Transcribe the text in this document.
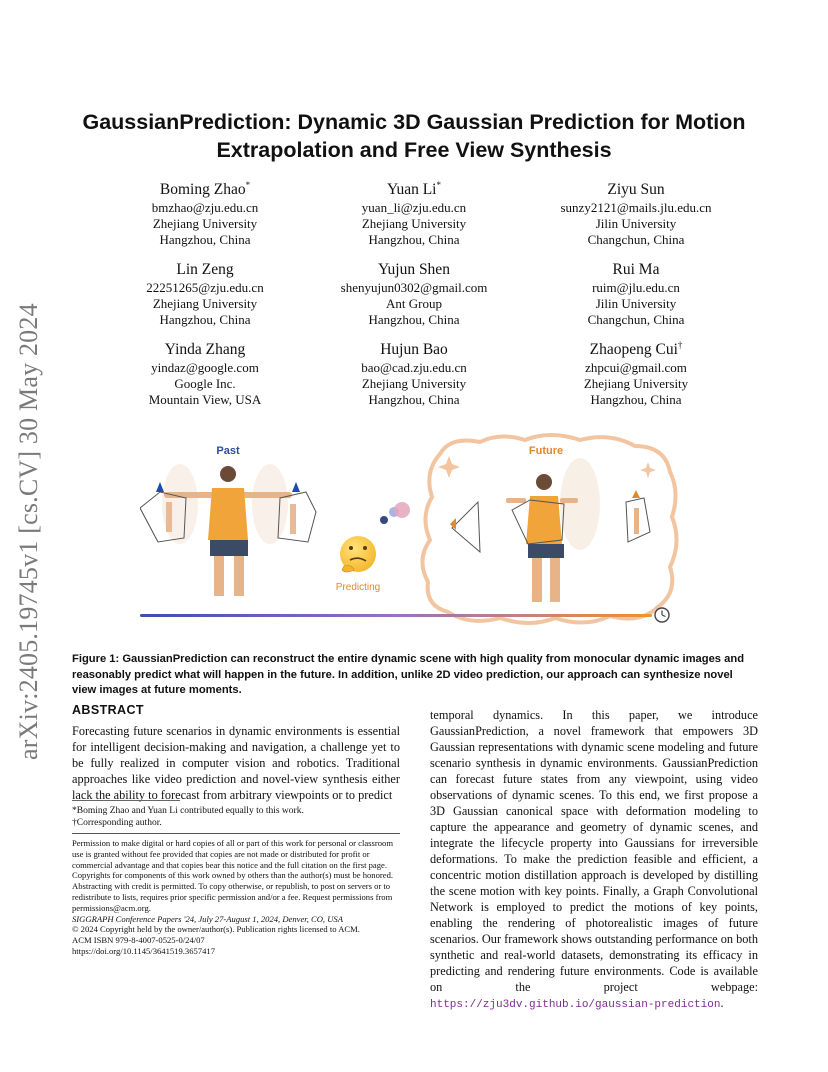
arXiv:2405.19745v1 [cs.CV] 30 May 2024
GaussianPrediction: Dynamic 3D Gaussian Prediction for Motion Extrapolation and Free View Synthesis
Boming Zhao*
bmzhao@zju.edu.cn
Zhejiang University
Hangzhou, China
Yuan Li*
yuan_li@zju.edu.cn
Zhejiang University
Hangzhou, China
Ziyu Sun
sunzy2121@mails.jlu.edu.cn
Jilin University
Changchun, China
Lin Zeng
22251265@zju.edu.cn
Zhejiang University
Hangzhou, China
Yujun Shen
shenyujun0302@gmail.com
Ant Group
Hangzhou, China
Rui Ma
ruim@jlu.edu.cn
Jilin University
Changchun, China
Yinda Zhang
yindaz@google.com
Google Inc.
Mountain View, USA
Hujun Bao
bao@cad.zju.edu.cn
Zhejiang University
Hangzhou, China
Zhaopeng Cui†
zhpcui@gmail.com
Zhejiang University
Hangzhou, China
Past	Future
Predicting
Figure 1: GaussianPrediction can reconstruct the entire dynamic scene with high quality from monocular dynamic images and reasonably predict what will happen in the future. In addition, unlike 2D video prediction, our approach can synthesize novel view images at future moments.
ABSTRACT
Forecasting future scenarios in dynamic environments is essential for intelligent decision-making and navigation, a challenge yet to be fully realized in computer vision and robotics. Traditional approaches like video prediction and novel-view synthesis either lack the ability to forecast from arbitrary viewpoints or to predict
temporal dynamics. In this paper, we introduce GaussianPrediction, a novel framework that empowers 3D Gaussian representations with dynamic scene modeling and future scenario synthesis in dynamic environments. GaussianPrediction can forecast future states from any viewpoint, using video observations of dynamic scenes. To this end, we first propose a 3D Gaussian canonical space with deformation modeling to capture the appearance and geometry of dynamic scenes, and integrate the lifecycle property into Gaussians for irreversible deformations. To make the prediction feasible and efficient, a concentric motion distillation approach is developed by distilling the scene motion with key points. Finally, a Graph Convolutional Network is employed to predict the motions of key points, enabling the rendering of photorealistic images of future scenarios. Our framework shows outstanding performance on both synthetic and real-world datasets, demonstrating its efficacy in predicting and rendering future environments. Code is available on the project webpage: https://zju3dv.github.io/gaussian-prediction.
*Boming Zhao and Yuan Li contributed equally to this work.
†Corresponding author.
Permission to make digital or hard copies of all or part of this work for personal or classroom use is granted without fee provided that copies are not made or distributed for profit or commercial advantage and that copies bear this notice and the full citation on the first page. Copyrights for components of this work owned by others than the author(s) must be honored. Abstracting with credit is permitted. To copy otherwise, or republish, to post on servers or to redistribute to lists, requires prior specific permission and/or a fee. Request permissions from permissions@acm.org.
SIGGRAPH Conference Papers '24, July 27-August 1, 2024, Denver, CO, USA
© 2024 Copyright held by the owner/author(s). Publication rights licensed to ACM.
ACM ISBN 979-8-4007-0525-0/24/07
https://doi.org/10.1145/3641519.3657417
